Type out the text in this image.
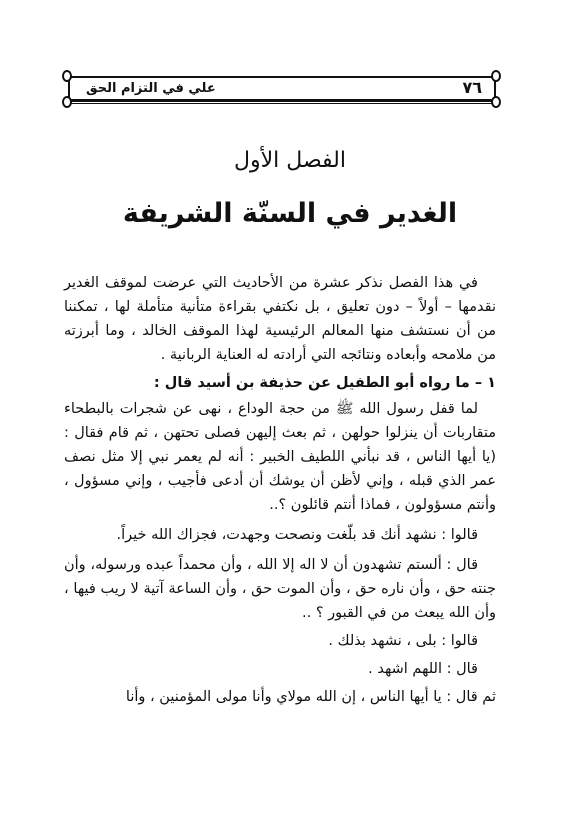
٧٦
علي في التزام الحق
الفصل الأول
الغدير في السنّة الشريفة

في هذا الفصل نذكر عشرة من الأحاديث التي عرضت لموقف الغدير نقدمها – أولاً – دون تعليق ، بل نكتفي بقراءة متأنية متأملة لها ، تمكننا من أن نستشف منها المعالم الرئيسية لهذا الموقف الخالد ، وما أبرزته من ملامحه وأبعاده ونتائجه التي أرادته له العناية الربانية .

١ – ما رواه أبو الطفيل عن حذيفة بن أسيد قال :

لما قفل رسول الله ﷺ من حجة الوداع ، نهى عن شجرات بالبطحاء متقاربات أن ينزلوا حولهن ، ثم بعث إليهن فصلى تحتهن ، ثم قام فقال : (يا أيها الناس ، قد نبأني اللطيف الخبير : أنه لم يعمر نبي إلا مثل نصف عمر الذي قبله ، وإني لأظن أن يوشك أن أدعى فأجيب ، وإني مسؤول ، وأنتم مسؤولون ، فماذا أنتم قائلون ؟..

قالوا : نشهد أنك قد بلّغت ونصحت وجهدت، فجزاك الله خيراً.

قال : ألستم تشهدون أن لا اله إلا الله ، وأن محمداً عبده ورسوله، وأن جنته حق ، وأن ناره حق ، وأن الموت حق ، وأن الساعة آتية لا ريب فيها ، وأن الله يبعث من في القبور ؟ ..

قالوا : بلى ، نشهد بذلك .

قال : اللهم اشهد .

ثم قال : يا أيها الناس ، إن الله مولاي وأنا مولى المؤمنين ، وأنا
